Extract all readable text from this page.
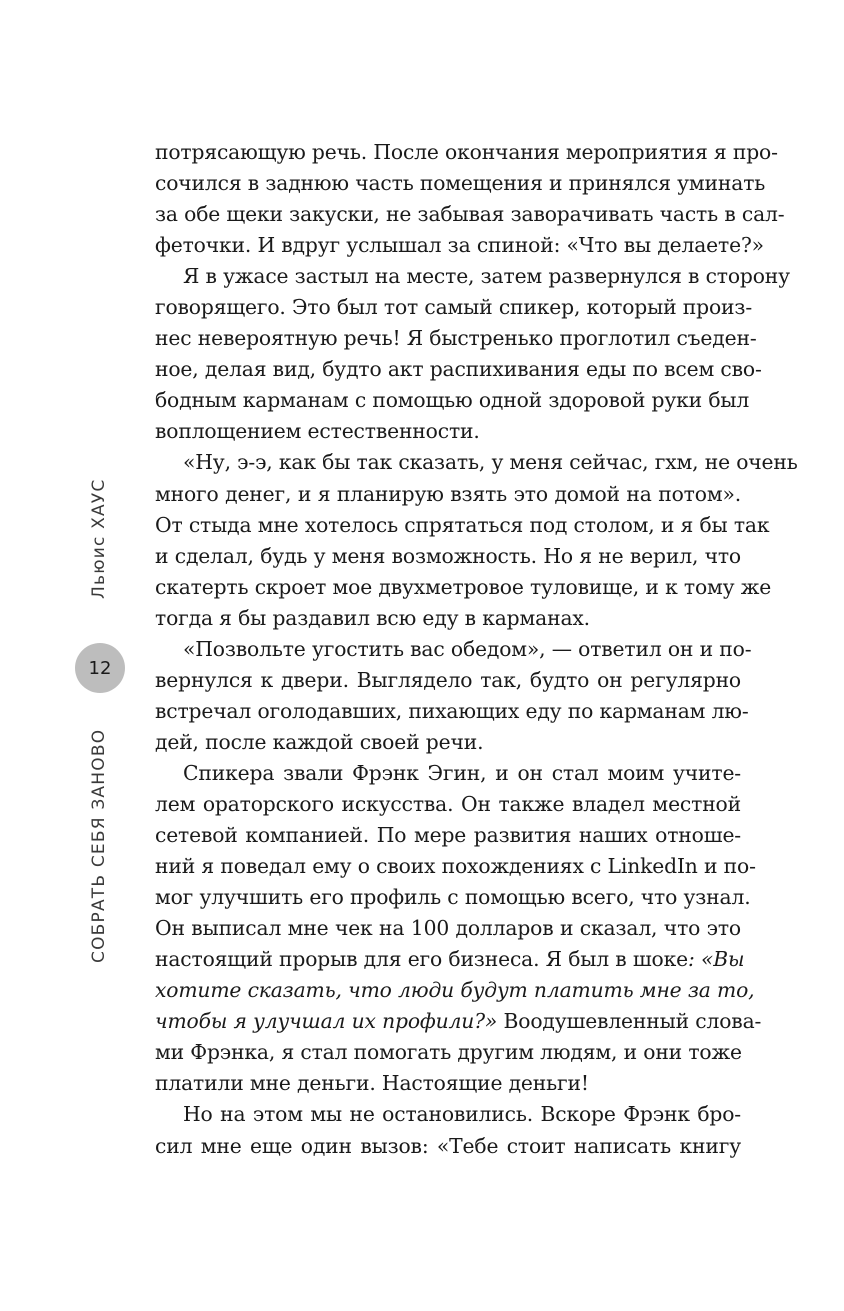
Льюис ХАУС
12
СОБРАТЬ СЕБЯ ЗАНОВО
потрясающую речь. После окончания мероприятия я про-
сочился в заднюю часть помещения и принялся уминать
за обе щеки закуски, не забывая заворачивать часть в сал-
феточки. И вдруг услышал за спиной: «Что вы делаете?»
Я в ужасе застыл на месте, затем развернулся в сторону
говорящего. Это был тот самый спикер, который произ-
нес невероятную речь! Я быстренько проглотил съеден-
ное, делая вид, будто акт распихивания еды по всем сво-
бодным карманам с помощью одной здоровой руки был
воплощением естественности.
«Ну, э-э, как бы так сказать, у меня сейчас, гхм, не очень
много денег, и я планирую взять это домой на потом».
От стыда мне хотелось спрятаться под столом, и я бы так
и сделал, будь у меня возможность. Но я не верил, что
скатерть скроет мое двухметровое туловище, и к тому же
тогда я бы раздавил всю еду в карманах.
«Позвольте угостить вас обедом», — ответил он и по-
вернулся к двери. Выглядело так, будто он регулярно
встречал оголодавших, пихающих еду по карманам лю-
дей, после каждой своей речи.
Спикера звали Фрэнк Эгин, и он стал моим учите-
лем ораторского искусства. Он также владел местной
сетевой компанией. По мере развития наших отноше-
ний я поведал ему о своих похождениях с LinkedIn и по-
мог улучшить его профиль с помощью всего, что узнал.
Он выписал мне чек на 100 долларов и сказал, что это
настоящий прорыв для его бизнеса. Я был в шоке: «Вы
хотите сказать, что люди будут платить мне за то,
чтобы я улучшал их профили?» Воодушевленный слова-
ми Фрэнка, я стал помогать другим людям, и они тоже
платили мне деньги. Настоящие деньги!
Но на этом мы не остановились. Вскоре Фрэнк бро-
сил мне еще один вызов: «Тебе стоит написать книгу
